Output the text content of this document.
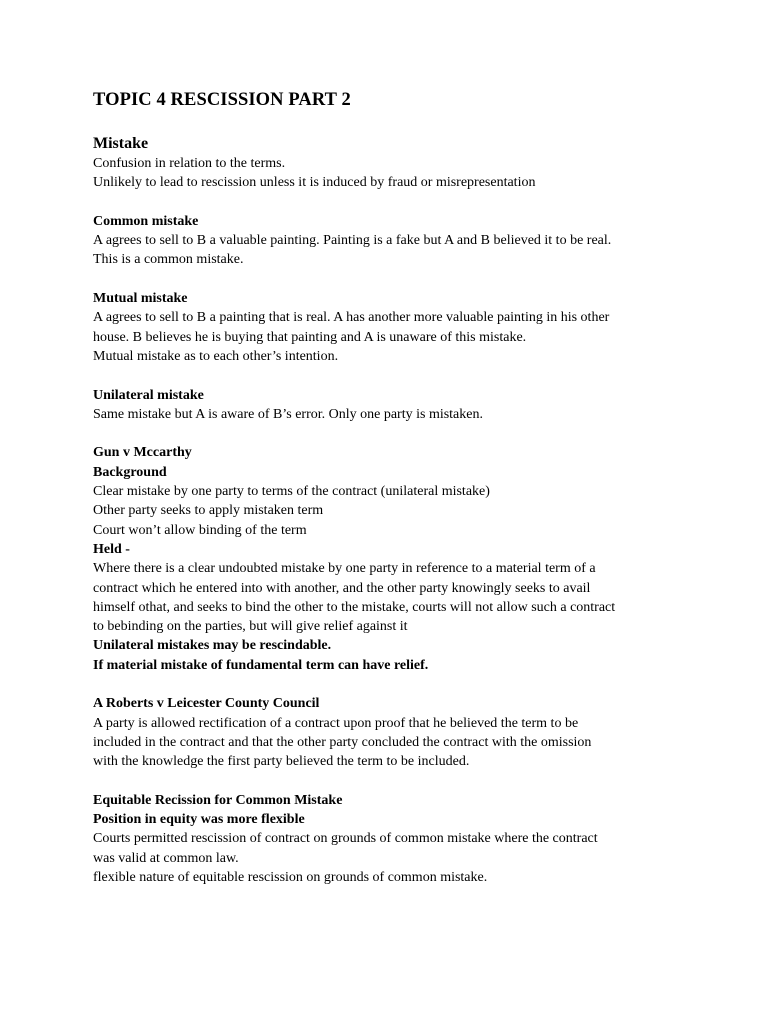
TOPIC 4 RESCISSION PART 2
Mistake
Confusion in relation to the terms.
Unlikely to lead to rescission unless it is induced by fraud or misrepresentation
Common mistake
A agrees to sell to B a valuable painting. Painting is a fake but A and B believed it to be real.
This is a common mistake.
Mutual mistake
A agrees to sell to B a painting that is real. A has another more valuable painting in his other
house. B believes he is buying that painting and A is unaware of this mistake.
Mutual mistake as to each other’s intention.
Unilateral mistake
Same mistake but A is aware of B’s error. Only one party is mistaken.
Gun v Mccarthy
Background
Clear mistake by one party to terms of the contract (unilateral mistake)
Other party seeks to apply mistaken term
Court won’t allow binding of the term
Held -
Where there is a clear undoubted mistake by one party in reference to a material term of a
contract which he entered into with another, and the other party knowingly seeks to avail
himself othat, and seeks to bind the other to the mistake, courts will not allow such a contract
to bebinding on the parties, but will give relief against it
Unilateral mistakes may be rescindable.
If material mistake of fundamental term can have relief.
A Roberts v Leicester County Council
A party is allowed rectification of a contract upon proof that he believed the term to be
included in the contract and that the other party concluded the contract with the omission
with the knowledge the first party believed the term to be included.
Equitable Recission for Common Mistake
Position in equity was more flexible
Courts permitted rescission of contract on grounds of common mistake where the contract
was valid at common law.
flexible nature of equitable rescission on grounds of common mistake.
